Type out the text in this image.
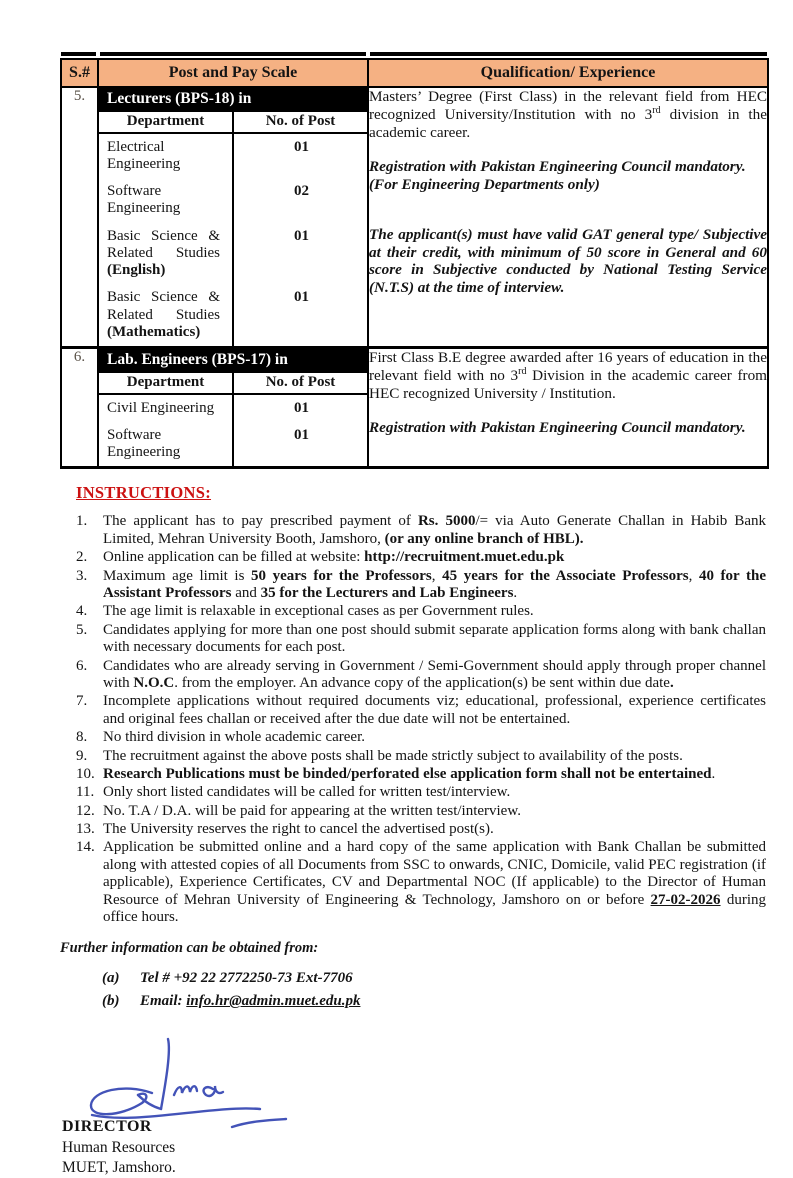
S.#	Post and Pay Scale	Qualification/ Experience
5.	Lecturers (BPS-18) in
Department	No. of Post
Electrical Engineering	01
Software Engineering	02
Basic Science & Related Studies (English)	01
Basic Science & Related Studies (Mathematics)	01

Masters’ Degree (First Class) in the relevant field from HEC recognized University/Institution with no 3rd division in the academic career.

Registration with Pakistan Engineering Council mandatory.
(For Engineering Departments only)

The applicant(s) must have valid GAT general type/ Subjective at their credit, with minimum of 50 score in General and 60 score in Subjective conducted by National Testing Service (N.T.S) at the time of interview.

6.	Lab. Engineers (BPS-17) in
Department	No. of Post
Civil Engineering	01
Software Engineering	01

First Class B.E degree awarded after 16 years of education in the relevant field with no 3rd Division in the academic career from HEC recognized University / Institution.

Registration with Pakistan Engineering Council mandatory.

INSTRUCTIONS:
1.	The applicant has to pay prescribed payment of Rs. 5000/= via Auto Generate Challan in Habib Bank Limited, Mehran University Booth, Jamshoro, (or any online branch of HBL).
2.	Online application can be filled at website: http://recruitment.muet.edu.pk
3.	Maximum age limit is 50 years for the Professors, 45 years for the Associate Professors, 40 for the Assistant Professors and 35 for the Lecturers and Lab Engineers.
4.	The age limit is relaxable in exceptional cases as per Government rules.
5.	Candidates applying for more than one post should submit separate application forms along with bank challan with necessary documents for each post.
6.	Candidates who are already serving in Government / Semi-Government should apply through proper channel with N.O.C. from the employer. An advance copy of the application(s) be sent within due date.
7.	Incomplete applications without required documents viz; educational, professional, experience certificates and original fees challan or received after the due date will not be entertained.
8.	No third division in whole academic career.
9.	The recruitment against the above posts shall be made strictly subject to availability of the posts.
10. Research Publications must be binded/perforated else application form shall not be entertained.
11. Only short listed candidates will be called for written test/interview.
12. No. T.A / D.A. will be paid for appearing at the written test/interview.
13. The University reserves the right to cancel the advertised post(s).
14. Application be submitted online and a hard copy of the same application with Bank Challan be submitted along with attested copies of all Documents from SSC to onwards, CNIC, Domicile, valid PEC registration (if applicable), Experience Certificates, CV and Departmental NOC (If applicable) to the Director of Human Resource of Mehran University of Engineering & Technology, Jamshoro on or before 27-02-2026 during office hours.

Further information can be obtained from:

(a)	Tel # +92 22 2772250-73 Ext-7706
(b)	Email: info.hr@admin.muet.edu.pk
DIRECTOR
Human Resources
MUET, Jamshoro.
